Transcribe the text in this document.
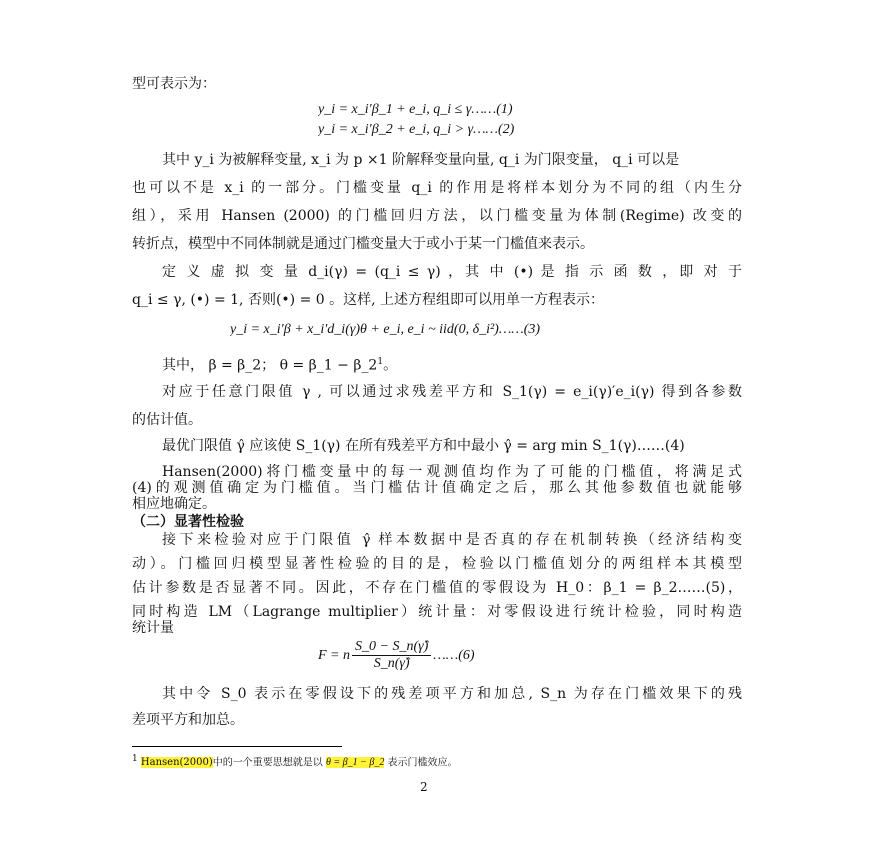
型可表示为：
y_i = x_i′β_1 + e_i, q_i ≤ γ……(1)
y_i = x_i′β_2 + e_i, q_i > γ……(2)
其中 y_i 为被解释变量, x_i 为 p ×1 阶解释变量向量, q_i 为门限变量， q_i 可以是
也可以不是 x_i 的一部分。门槛变量 q_i 的作用是将样本划分为不同的组（内生分
组），采用 Hansen (2000) 的门槛回归方法，以门槛变量为体制(Regime) 改变的
转折点，模型中不同体制就是通过门槛变量大于或小于某一门槛值来表示。
定 义 虚 拟 变 量 d_i(γ) = (q_i ≤ γ) ，其 中 (•) 是 指 示 函 数 ，即 对 于
q_i ≤ γ, (•) = 1, 否则(•) = 0 。这样, 上述方程组即可以用单一方程表示：
y_i = x_i′β + x_i′d_i(γ)θ + e_i, e_i ~ iid(0, δ_i²)……(3)
其中， β = β_2； θ = β_1 − β_2$^1$。
对应于任意门限值 γ , 可以通过求残差平方和 S_1(γ) = e_i(γ)′e_i(γ) 得到各参数
的估计值。
最优门限值 γ̂ 应该使 S_1(γ) 在所有残差平方和中最小 γ̂ = arg min S_1(γ)……(4)
Hansen(2000)将门槛变量中的每一观测值均作为了可能的门槛值，将满足式
(4)的观测值确定为门槛值。当门槛估计值确定之后，那么其他参数值也就能够
相应地确定。
（二）显著性检验
接下来检验对应于门限值 γ̂ 样本数据中是否真的存在机制转换（经济结构变
动）。门槛回归模型显著性检验的目的是，检验以门槛值划分的两组样本其模型
估计参数是否显著不同。因此，不存在门槛值的零假设为 H_0：β_1 = β_2……(5)，
同时构造 LM（Lagrange multiplier）统计量：对零假设进行统计检验，同时构造
统计量
F = n $\frac{S\_0 - S\_n(\gammâ)}{S\_n(\gammâ)}$ ……(6)
其中令 S_0 表示在零假设下的残差项平方和加总, S_n 为存在门槛效果下的残
差项平方和加总。
$^1$ Hansen(2000)中的一个重要思想就是以 θ = β_1 − β_2 表示门槛效应。
2
